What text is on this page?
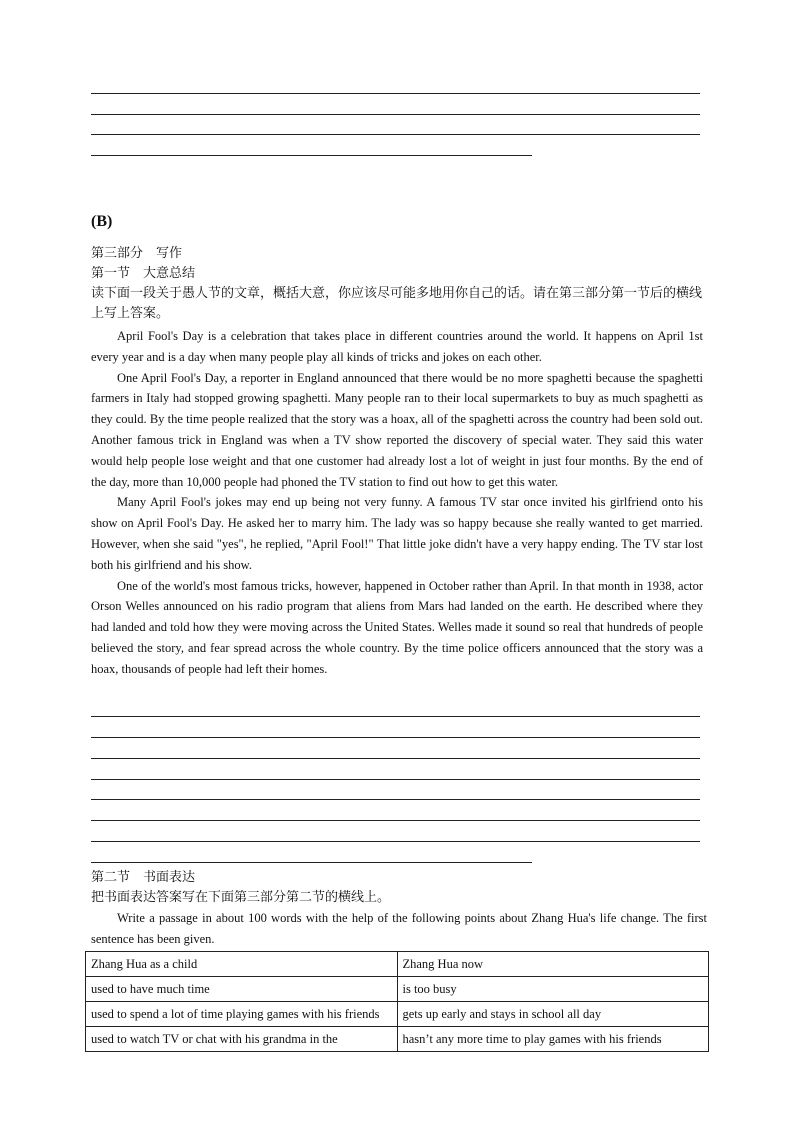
(B)
第三部分　写作
第一节　大意总结
读下面一段关于愚人节的文章，概括大意，你应该尽可能多地用你自己的话。请在第三部分第一节后的横线上写上答案。

April Fool's Day is a celebration that takes place in different countries around the world. It happens on April 1st every year and is a day when many people play all kinds of tricks and jokes on each other.

One April Fool's Day, a reporter in England announced that there would be no more spaghetti because the spaghetti farmers in Italy had stopped growing spaghetti. Many people ran to their local supermarkets to buy as much spaghetti as they could. By the time people realized that the story was a hoax, all of the spaghetti across the country had been sold out. Another famous trick in England was when a TV show reported the discovery of special water. They said this water would help people lose weight and that one customer had already lost a lot of weight in just four months. By the end of the day, more than 10,000 people had phoned the TV station to find out how to get this water.

Many April Fool's jokes may end up being not very funny. A famous TV star once invited his girlfriend onto his show on April Fool's Day. He asked her to marry him. The lady was so happy because she really wanted to get married. However, when she said "yes", he replied, "April Fool!" That little joke didn't have a very happy ending. The TV star lost both his girlfriend and his show.

One of the world's most famous tricks, however, happened in October rather than April. In that month in 1938, actor Orson Welles announced on his radio program that aliens from Mars had landed on the earth. He described where they had landed and told how they were moving across the United States. Welles made it sound so real that hundreds of people believed the story, and fear spread across the whole country. By the time police officers announced that the story was a hoax, thousands of people had left their homes.

第二节　书面表达
把书面表达答案写在下面第三部分第二节的横线上。

Write a passage in about 100 words with the help of the following points about Zhang Hua's life change. The first sentence has been given.

Zhang Hua as a child	Zhang Hua now
used to have much time	is too busy
used to spend a lot of time playing games with his friends	gets up early and stays in school all day
used to watch TV or chat with his grandma in the	hasn’t any more time to play games with his friends
